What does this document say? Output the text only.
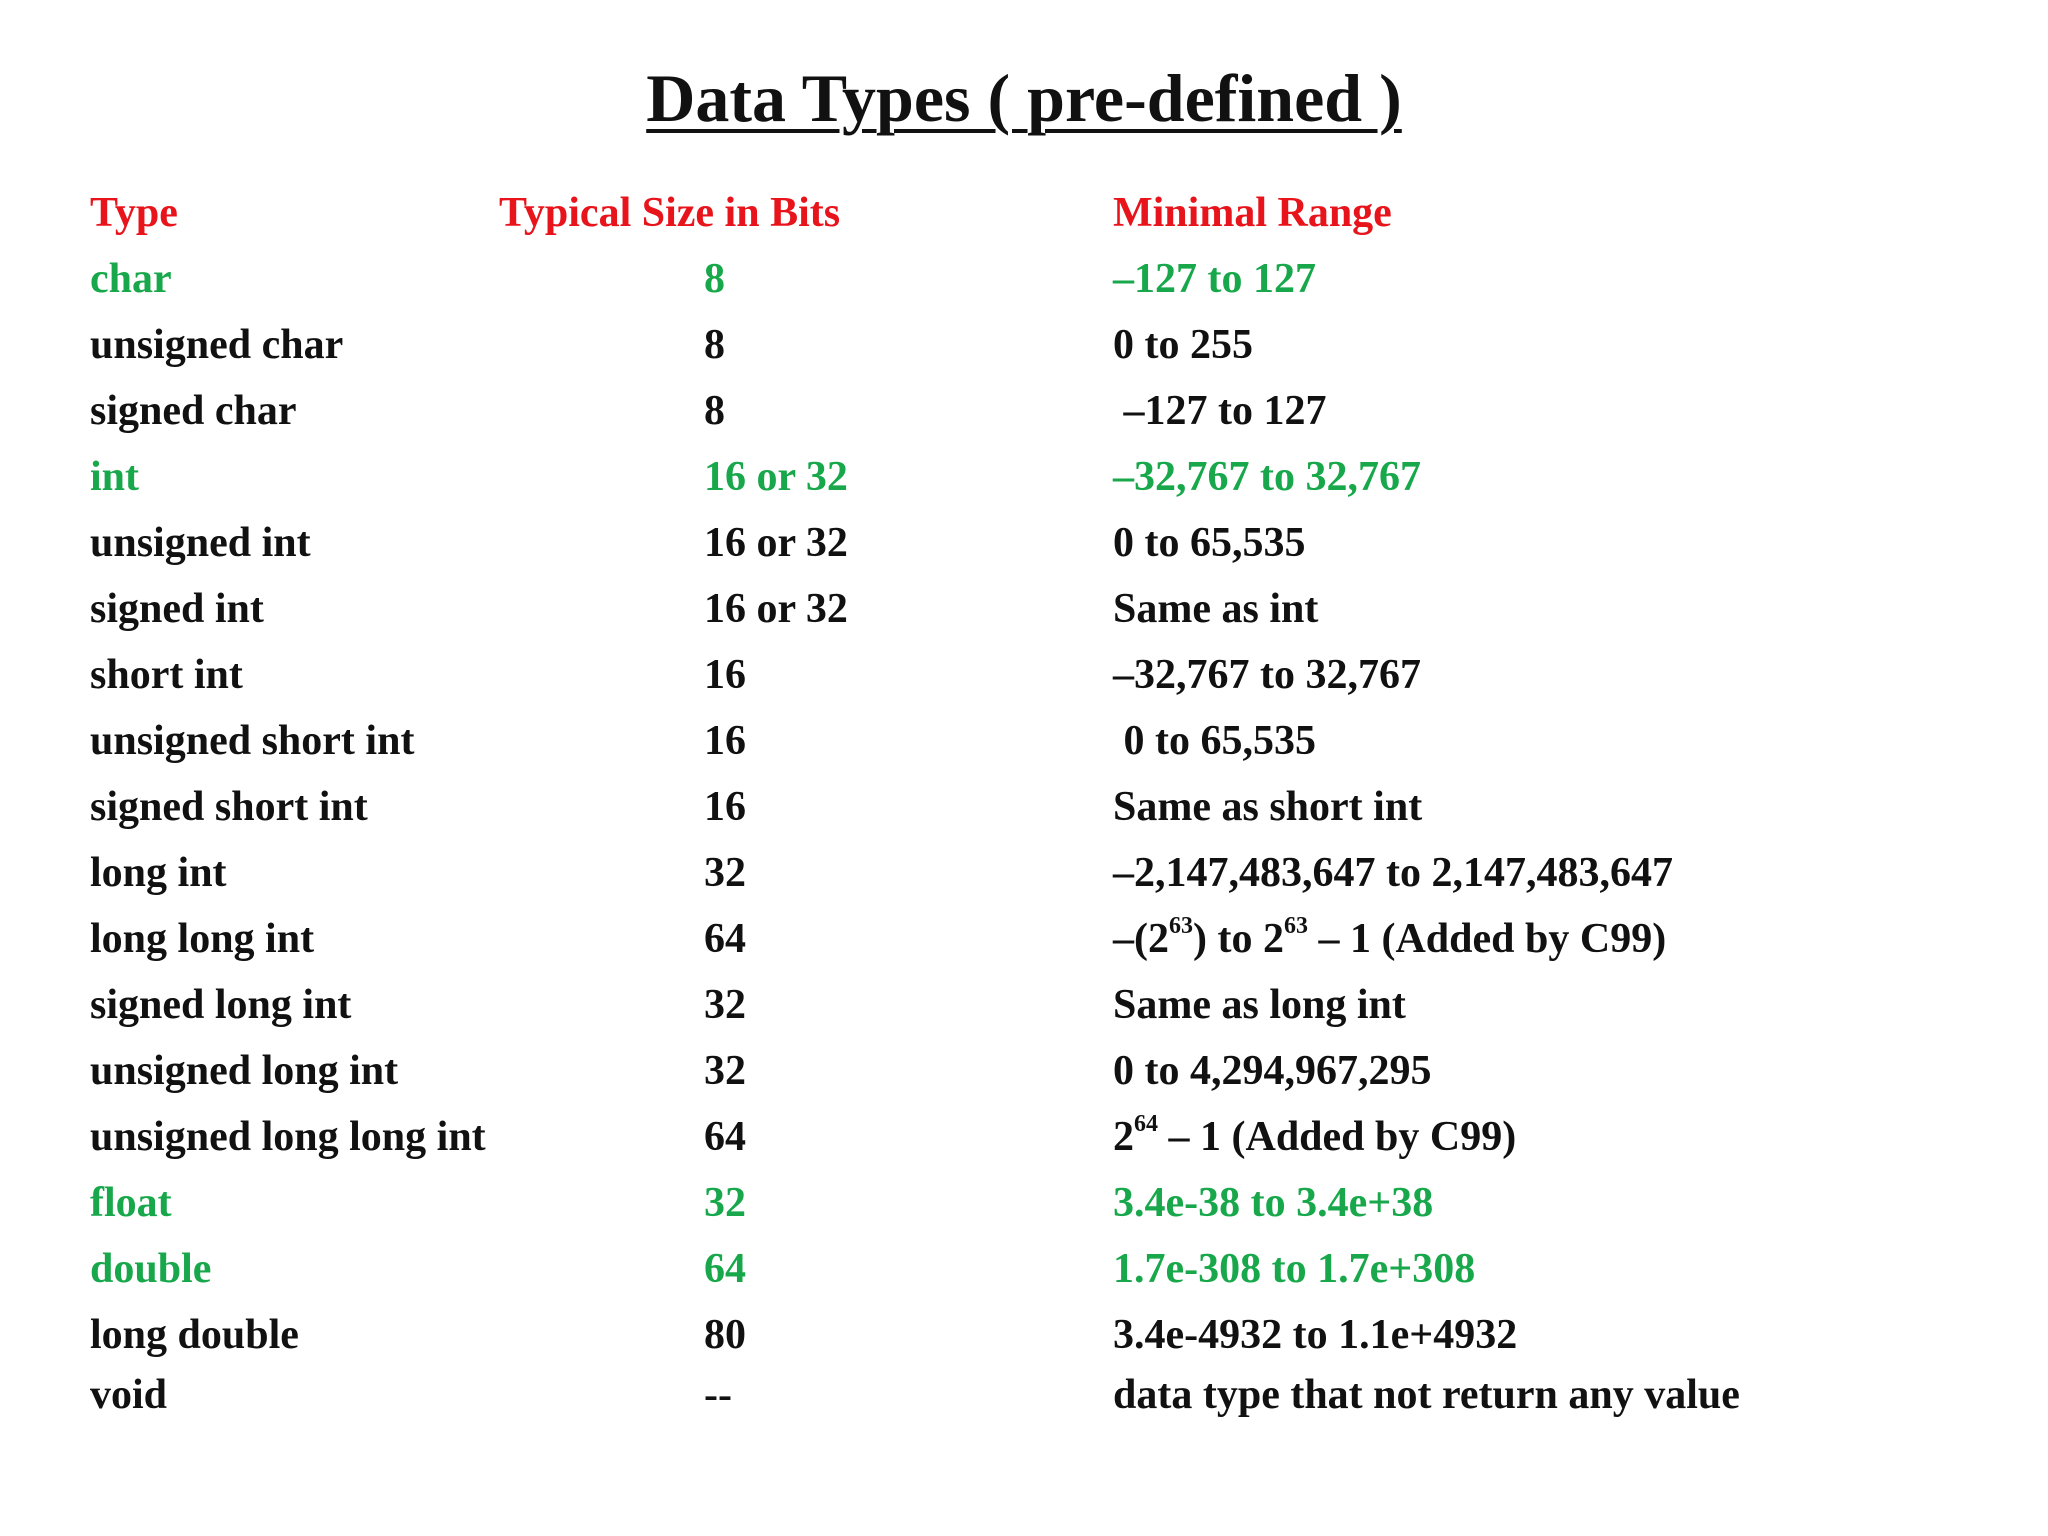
Data Types ( pre-defined )
Type	Typical Size in Bits	Minimal Range
char	8	–127 to 127
unsigned char	8	0 to 255
signed char	8	–127 to 127
int	16 or 32	–32,767 to 32,767
unsigned int	16 or 32	0 to 65,535
signed int	16 or 32	Same as int
short int	16	–32,767 to 32,767
unsigned short int	16	0 to 65,535
signed short int	16	Same as short int
long int	32	–2,147,483,647 to 2,147,483,647
long long int	64	$-(2^{63})$ to $2^{63} - 1$ (Added by C99)
signed long int	32	Same as long int
unsigned long int	32	0 to 4,294,967,295
unsigned long long int	64	$2^{64} - 1$ (Added by C99)
float	32	3.4e-38 to 3.4e+38
double	64	1.7e-308 to 1.7e+308
long double	80	3.4e-4932 to 1.1e+4932
void	--	data type that not return any value
